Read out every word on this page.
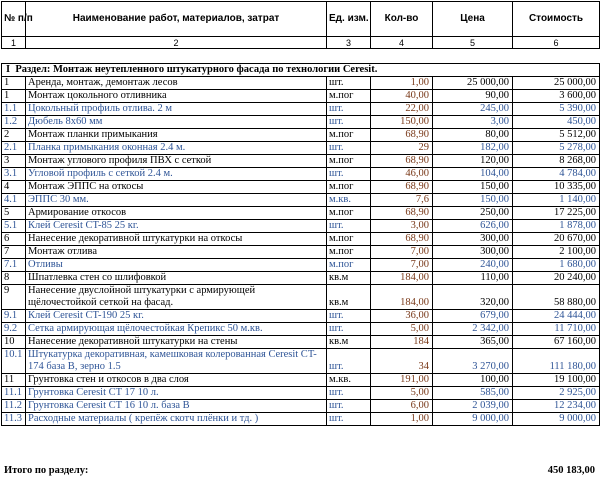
№ п/п	Наименование работ, материалов, затрат	Ед. изм.	Кол-во	Цена	Стоимость
1	2	3	4	5	6
I Раздел: Монтаж неутепленного штукатурного фасада по технологии Ceresit.					
1	Аренда, монтаж, демонтаж лесов	шт.	1,00	25 000,00	25 000,00
1	Монтаж цокольного отливника	м.пог	40,00	90,00	3 600,00
1.1	Цокольный профиль отлива. 2 м	шт.	22,00	245,00	5 390,00
1.2	Дюбель 8х60 мм	шт.	150,00	3,00	450,00
2	Монтаж планки примыкания	м.пог	68,90	80,00	5 512,00
2.1	Планка примыкания оконная 2.4 м.	шт.	29	182,00	5 278,00
3	Монтаж углового профиля ПВХ с сеткой	м.пог	68,90	120,00	8 268,00
3.1	Угловой профиль с сеткой 2.4 м.	шт.	46,00	104,00	4 784,00
4	Монтаж ЭППС на откосы	м.пог	68,90	150,00	10 335,00
4.1	ЭППС 30 мм.	м.кв.	7,6	150,00	1 140,00
5	Армирование откосов	м.пог	68,90	250,00	17 225,00
5.1	Клей Ceresit CT-85 25 кг.	шт.	3,00	626,00	1 878,00
6	Нанесение декоративной штукатурки на откосы	м.пог	68,90	300,00	20 670,00
7	Монтаж отлива	м.пог	7,00	300,00	2 100,00
7.1	Отливы	м.пог	7,00	240,00	1 680,00
8	Шпатлевка стен со шлифовкой	кв.м	184,00	110,00	20 240,00
9	Нанесение двуслойной штукатурки с армирующей щёлочестойкой сеткой на фасад.	кв.м	184,00	320,00	58 880,00
9.1	Клей Ceresit CT-190 25 кг.	шт.	36,00	679,00	24 444,00
9.2	Сетка армирующая щёлочестойкая Крепикс 50 м.кв.	шт.	5,00	2 342,00	11 710,00
10	Нанесение декоративной штукатурки на стены	кв.м	184	365,00	67 160,00
10.1	Штукатурка декоративная, камешковая колерованная Ceresit CT-174 база B, зерно 1.5	шт.	34	3 270,00	111 180,00
11	Грунтовка стен и откосов в два слоя	м.кв.	191,00	100,00	19 100,00
11.1	Грунтовка Ceresit CT 17 10 л.	шт.	5,00	585,00	2 925,00
11.2	Грунтовка Ceresit CT 16 10 л. база B	шт.	6,00	2 039,00	12 234,00
11.3	Расходные материалы ( крепёж скотч плёнки и тд. )	шт.	1,00	9 000,00	9 000,00
Итого по разделу:	450 183,00
